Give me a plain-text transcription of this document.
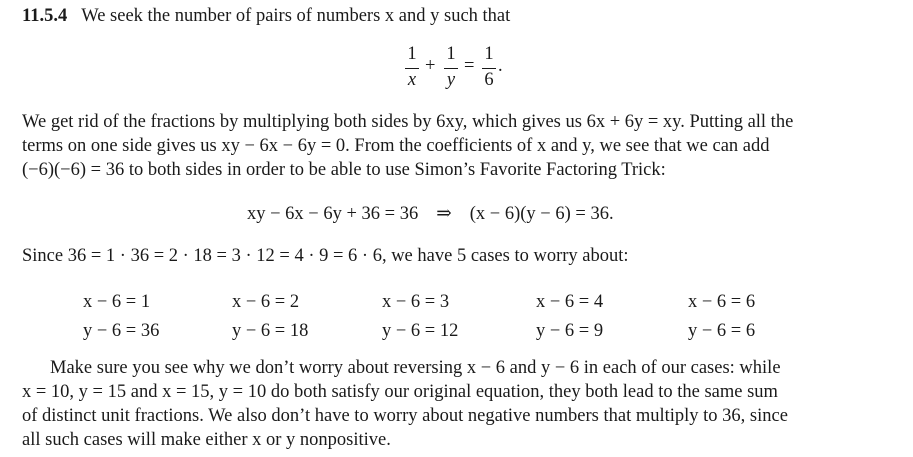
11.5.4 We seek the number of pairs of numbers x and y such that
1
x
+
1
y
=
1
6
.
We get rid of the fractions by multiplying both sides by 6xy, which gives us 6x + 6y = xy. Putting all the
terms on one side gives us xy − 6x − 6y = 0. From the coefficients of x and y, we see that we can add
(−6)(−6) = 36 to both sides in order to be able to use Simon’s Favorite Factoring Trick:
xy − 6x − 6y + 36 = 36 ⇒ (x − 6)(y − 6) = 36.
Since 36 = 1 · 36 = 2 · 18 = 3 · 12 = 4 · 9 = 6 · 6, we have 5 cases to worry about:
x − 6 = 1
y − 6 = 36
x − 6 = 2
y − 6 = 18
x − 6 = 3
y − 6 = 12
x − 6 = 4
y − 6 = 9
x − 6 = 6
y − 6 = 6
Make sure you see why we don’t worry about reversing x − 6 and y − 6 in each of our cases: while
x = 10, y = 15 and x = 15, y = 10 do both satisfy our original equation, they both lead to the same sum
of distinct unit fractions. We also don’t have to worry about negative numbers that multiply to 36, since
all such cases will make either x or y nonpositive.
